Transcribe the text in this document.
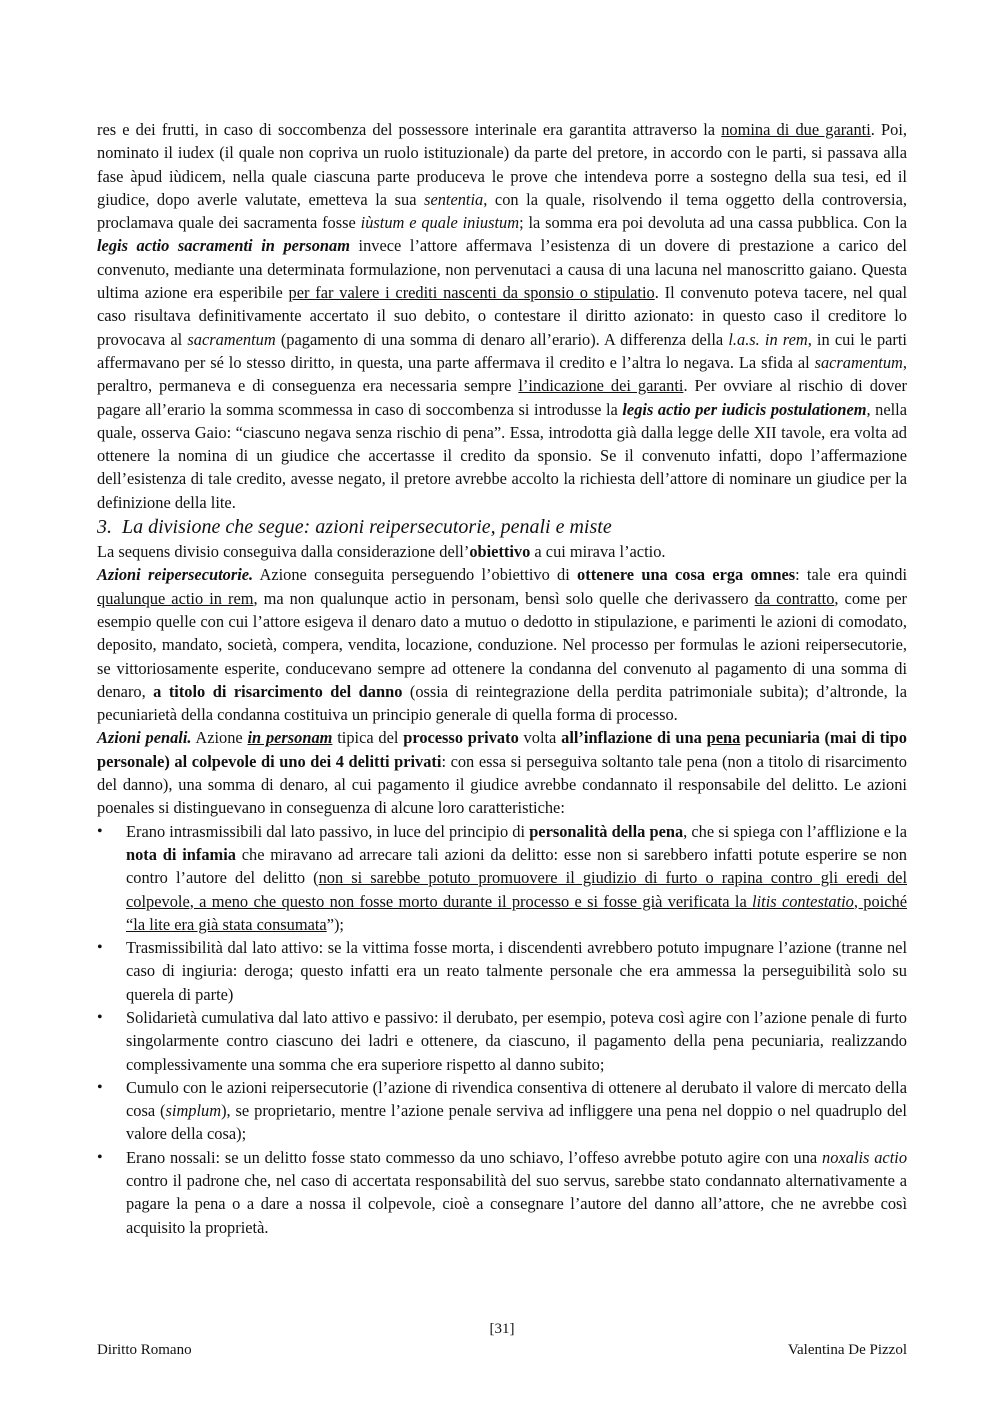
res e dei frutti, in caso di soccombenza del possessore interinale era garantita attraverso la nomina di due garanti. Poi, nominato il iudex (il quale non copriva un ruolo istituzionale) da parte del pretore, in accordo con le parti, si passava alla fase àpud iùdicem, nella quale ciascuna parte produceva le prove che intendeva porre a sostegno della sua tesi, ed il giudice, dopo averle valutate, emetteva la sua sententia, con la quale, risolvendo il tema oggetto della controversia, proclamava quale dei sacramenta fosse iùstum e quale iniustum; la somma era poi devoluta ad una cassa pubblica. Con la legis actio sacramenti in personam invece l’attore affermava l’esistenza di un dovere di prestazione a carico del convenuto, mediante una determinata formulazione, non pervenutaci a causa di una lacuna nel manoscritto gaiano. Questa ultima azione era esperibile per far valere i crediti nascenti da sponsio o stipulatio. Il convenuto poteva tacere, nel qual caso risultava definitivamente accertato il suo debito, o contestare il diritto azionato: in questo caso il creditore lo provocava al sacramentum (pagamento di una somma di denaro all’erario). A differenza della l.a.s. in rem, in cui le parti affermavano per sé lo stesso diritto, in questa, una parte affermava il credito e l’altra lo negava. La sfida al sacramentum, peraltro, permaneva e di conseguenza era necessaria sempre l’indicazione dei garanti. Per ovviare al rischio di dover pagare all’erario la somma scommessa in caso di soccombenza si introdusse la legis actio per iudicis postulationem, nella quale, osserva Gaio: “ciascuno negava senza rischio di pena”. Essa, introdotta già dalla legge delle XII tavole, era volta ad ottenere la nomina di un giudice che accertasse il credito da sponsio. Se il convenuto infatti, dopo l’affermazione dell’esistenza di tale credito, avesse negato, il pretore avrebbe accolto la richiesta dell’attore di nominare un giudice per la definizione della lite.

3.  La divisione che segue: azioni reipersecutorie, penali e miste

La sequens divisio conseguiva dalla considerazione dell’obiettivo a cui mirava l’actio.

Azioni reipersecutorie. Azione conseguita perseguendo l’obiettivo di ottenere una cosa erga omnes: tale era quindi qualunque actio in rem, ma non qualunque actio in personam, bensì solo quelle che derivassero da contratto, come per esempio quelle con cui l’attore esigeva il denaro dato a mutuo o dedotto in stipulazione, e parimenti le azioni di comodato, deposito, mandato, società, compera, vendita, locazione, conduzione. Nel processo per formulas le azioni reipersecutorie, se vittoriosamente esperite, conducevano sempre ad ottenere la condanna del convenuto al pagamento di una somma di denaro, a titolo di risarcimento del danno (ossia di reintegrazione della perdita patrimoniale subita); d’altronde, la pecuniarietà della condanna costituiva un principio generale di quella forma di processo.

Azioni penali. Azione in personam tipica del processo privato volta all’inflazione di una pena pecuniaria (mai di tipo personale) al colpevole di uno dei 4 delitti privati: con essa si perseguiva soltanto tale pena (non a titolo di risarcimento del danno), una somma di denaro, al cui pagamento il giudice avrebbe condannato il responsabile del delitto. Le azioni poenales si distinguevano in conseguenza di alcune loro caratteristiche:

• Erano intrasmissibili dal lato passivo, in luce del principio di personalità della pena, che si spiega con l’afflizione e la nota di infamia che miravano ad arrecare tali azioni da delitto: esse non si sarebbero infatti potute esperire se non contro l’autore del delitto (non si sarebbe potuto promuovere il giudizio di furto o rapina contro gli eredi del colpevole, a meno che questo non fosse morto durante il processo e si fosse già verificata la litis contestatio, poiché “la lite era già stata consumata”);
• Trasmissibilità dal lato attivo: se la vittima fosse morta, i discendenti avrebbero potuto impugnare l’azione (tranne nel caso di ingiuria: deroga; questo infatti era un reato talmente personale che era ammessa la perseguibilità solo su querela di parte)
• Solidarietà cumulativa dal lato attivo e passivo: il derubato, per esempio, poteva così agire con l’azione penale di furto singolarmente contro ciascuno dei ladri e ottenere, da ciascuno, il pagamento della pena pecuniaria, realizzando complessivamente una somma che era superiore rispetto al danno subito;
• Cumulo con le azioni reipersecutorie (l’azione di rivendica consentiva di ottenere al derubato il valore di mercato della cosa (simplum), se proprietario, mentre l’azione penale serviva ad infliggere una pena nel doppio o nel quadruplo del valore della cosa);
• Erano nossali: se un delitto fosse stato commesso da uno schiavo, l’offeso avrebbe potuto agire con una noxalis actio contro il padrone che, nel caso di accertata responsabilità del suo servus, sarebbe stato condannato alternativamente a pagare la pena o a dare a nossa il colpevole, cioè a consegnare l’autore del danno all’attore, che ne avrebbe così acquisito la proprietà.
[31]
Diritto Romano	Valentina De Pizzol
